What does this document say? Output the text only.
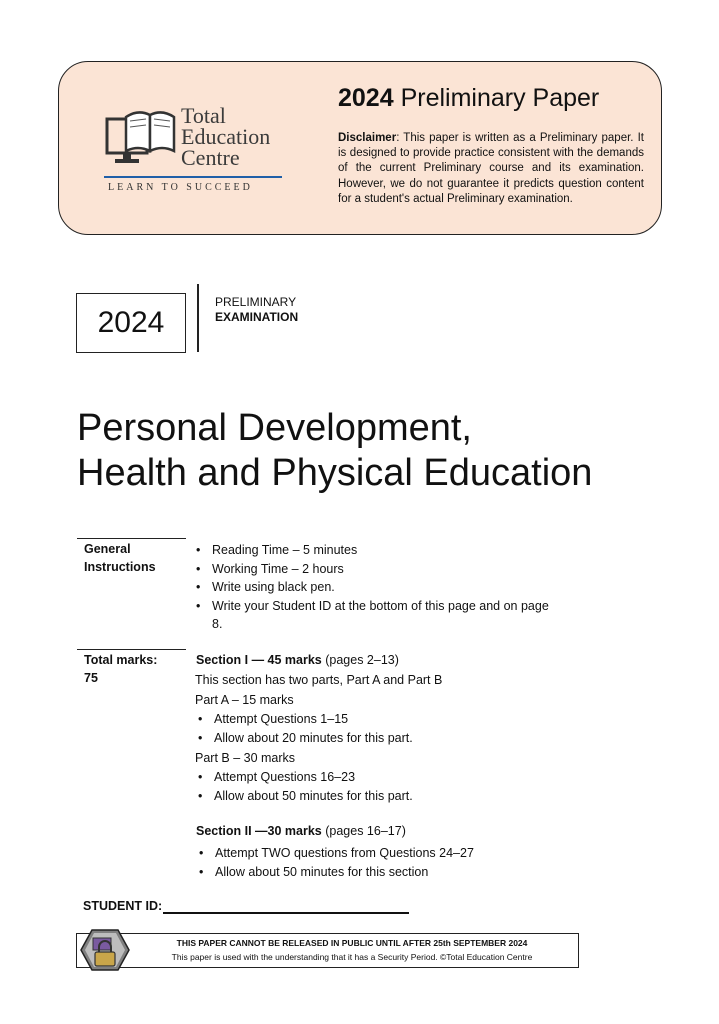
Total
Education
Centre
LEARN TO SUCCEED
2024 Preliminary Paper
Disclaimer: This paper is written as a Preliminary paper. It is designed to provide practice consistent with the demands of the current Preliminary course and its examination. However, we do not guarantee it predicts question content for a student's actual Preliminary examination.
2024
PRELIMINARY
EXAMINATION
Personal Development,
Health and Physical Education
General
Instructions
• Reading Time – 5 minutes
• Working Time – 2 hours
• Write using black pen.
• Write your Student ID at the bottom of this page and on page 8.
Total marks:
75
Section I — 45 marks (pages 2–13)
This section has two parts, Part A and Part B
Part A – 15 marks
• Attempt Questions 1–15
• Allow about 20 minutes for this part.
Part B – 30 marks
• Attempt Questions 16–23
• Allow about 50 minutes for this part.
Section II —30 marks (pages 16–17)
• Attempt TWO questions from Questions 24–27
• Allow about 50 minutes for this section
STUDENT ID:
THIS PAPER CANNOT BE RELEASED IN PUBLIC UNTIL AFTER 25th SEPTEMBER 2024
This paper is used with the understanding that it has a Security Period. ©Total Education Centre
